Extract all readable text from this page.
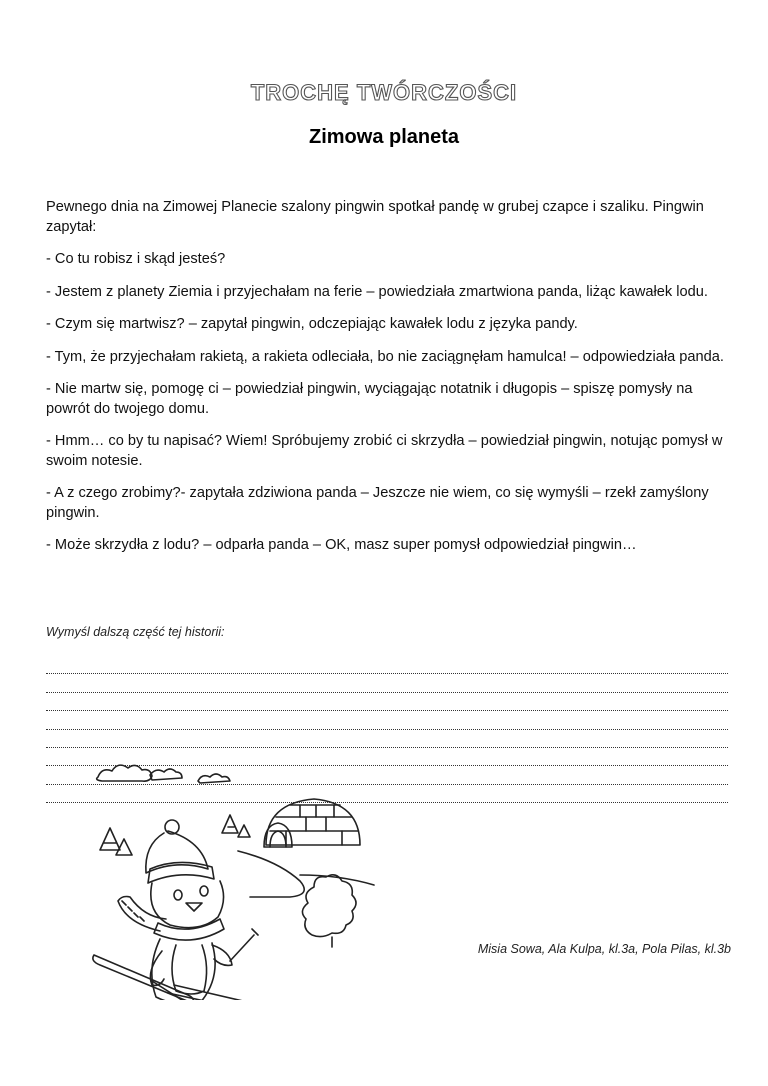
TROCHĘ TWÓRCZOŚCI
Zimowa planeta

Pewnego dnia na Zimowej Planecie szalony pingwin spotkał pandę w grubej czapce i szaliku. Pingwin zapytał:

- Co tu robisz i skąd jesteś?

- Jestem z planety Ziemia i przyjechałam na ferie – powiedziała zmartwiona panda, liżąc kawałek lodu.

- Czym się martwisz? – zapytał pingwin, odczepiając kawałek lodu z języka pandy.

- Tym, że przyjechałam rakietą, a rakieta odleciała, bo nie zaciągnęłam hamulca! – odpowiedziała panda.

- Nie martw się, pomogę ci – powiedział pingwin, wyciągając notatnik i długopis – spiszę pomysły na powrót do twojego domu.

- Hmm… co by tu napisać? Wiem! Spróbujemy zrobić ci skrzydła – powiedział pingwin, notując pomysł w swoim notesie.

- A z czego zrobimy?- zapytała zdziwiona panda – Jeszcze nie wiem, co się wymyśli – rzekł zamyślony pingwin.

- Może skrzydła z lodu? – odparła panda – OK, masz super pomysł odpowiedział pingwin…

Wymyśl dalszą część tej historii:
Misia Sowa, Ala Kulpa, kl.3a, Pola Pilas, kl.3b
